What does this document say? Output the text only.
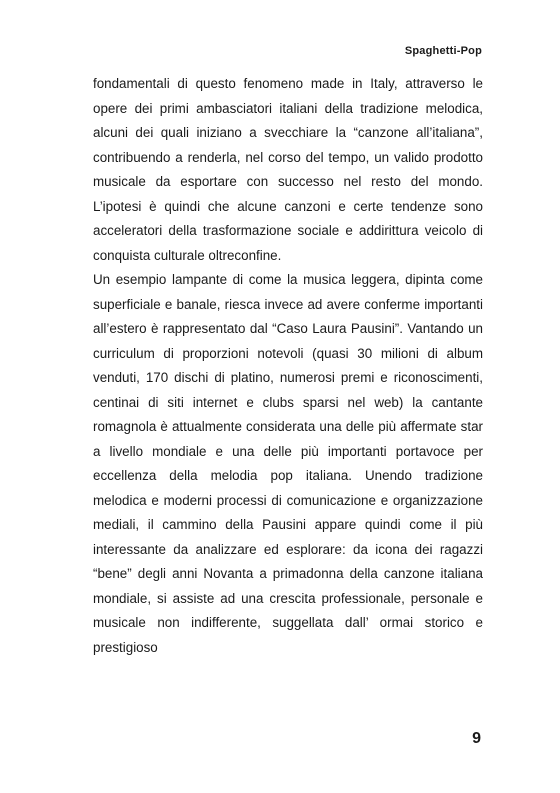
Spaghetti-Pop

fondamentali di questo fenomeno made in Italy, attraverso le opere dei primi ambasciatori italiani della tradizione melodica, alcuni dei quali iniziano a svecchiare la “canzone all’italiana”, contribuendo a renderla, nel corso del tempo, un valido prodotto musicale da esportare con successo nel resto del mondo. L’ipotesi è quindi che alcune canzoni e certe tendenze sono acceleratori della trasformazione sociale e addirittura veicolo di conquista culturale oltreconfine.

Un esempio lampante di come la musica leggera, dipinta come superficiale e banale, riesca invece ad avere conferme importanti all’estero è rappresentato dal “Caso Laura Pausini”. Vantando un curriculum di proporzioni notevoli (quasi 30 milioni di album venduti, 170 dischi di platino, numerosi premi e riconoscimenti, centinai di siti internet e clubs sparsi nel web) la cantante romagnola è attualmente considerata una delle più affermate star a livello mondiale e una delle più importanti portavoce per eccellenza della melodia pop italiana. Unendo tradizione melodica e moderni processi di comunicazione e organizzazione mediali, il cammino della Pausini appare quindi come il più interessante da analizzare ed esplorare: da icona dei ragazzi “bene” degli anni Novanta a primadonna della canzone italiana mondiale, si assiste ad una crescita professionale, personale e musicale non indifferente, suggellata dall’ ormai storico e prestigioso

9
